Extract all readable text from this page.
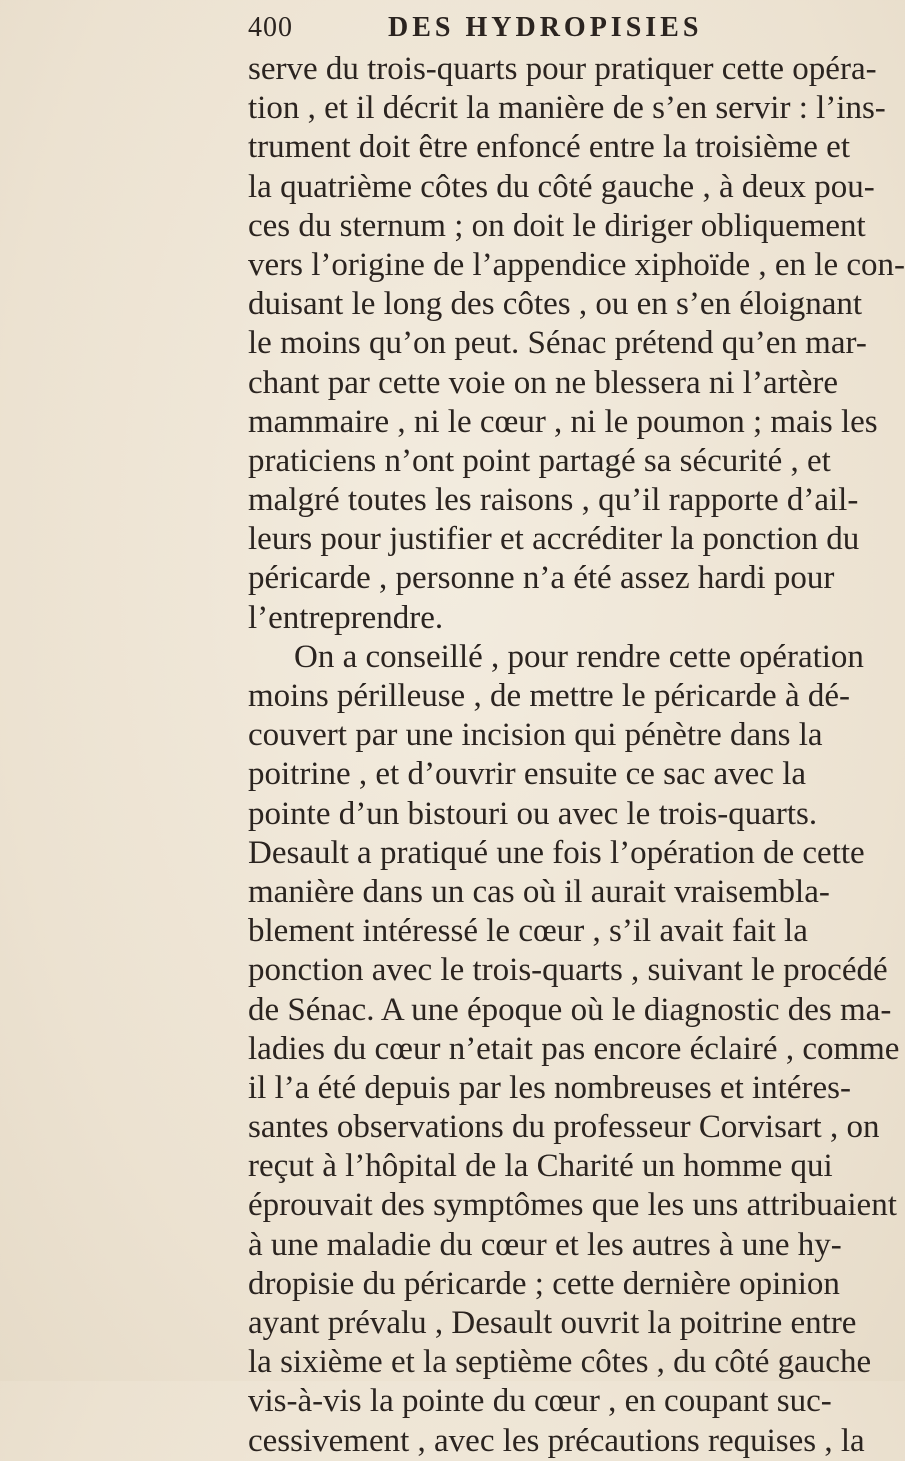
400	DES HYDROPISIES
serve du trois-quarts pour pratiquer cette opéra-
tion , et il décrit la manière de s’en servir : l’ins-
trument doit être enfoncé entre la troisième et
la quatrième côtes du côté gauche , à deux pou-
ces du sternum ; on doit le diriger obliquement
vers l’origine de l’appendice xiphoïde , en le con-
duisant le long des côtes , ou en s’en éloignant
le moins qu’on peut. Sénac prétend qu’en mar-
chant par cette voie on ne blessera ni l’artère
mammaire , ni le cœur , ni le poumon ; mais les
praticiens n’ont point partagé sa sécurité , et
malgré toutes les raisons , qu’il rapporte d’ail-
leurs pour justifier et accréditer la ponction du
péricarde , personne n’a été assez hardi pour
l’entreprendre.
On a conseillé , pour rendre cette opération
moins périlleuse , de mettre le péricarde à dé-
couvert par une incision qui pénètre dans la
poitrine , et d’ouvrir ensuite ce sac avec la
pointe d’un bistouri ou avec le trois-quarts.
Desault a pratiqué une fois l’opération de cette
manière dans un cas où il aurait vraisembla-
blement intéressé le cœur , s’il avait fait la
ponction avec le trois-quarts , suivant le procédé
de Sénac. A une époque où le diagnostic des ma-
ladies du cœur n’etait pas encore éclairé , comme
il l’a été depuis par les nombreuses et intéres-
santes observations du professeur Corvisart , on
reçut à l’hôpital de la Charité un homme qui
éprouvait des symptômes que les uns attribuaient
à une maladie du cœur et les autres à une hy-
dropisie du péricarde ; cette dernière opinion
ayant prévalu , Desault ouvrit la poitrine entre
la sixième et la septième côtes , du côté gauche
vis-à-vis la pointe du cœur , en coupant suc-
cessivement , avec les précautions requises , la
